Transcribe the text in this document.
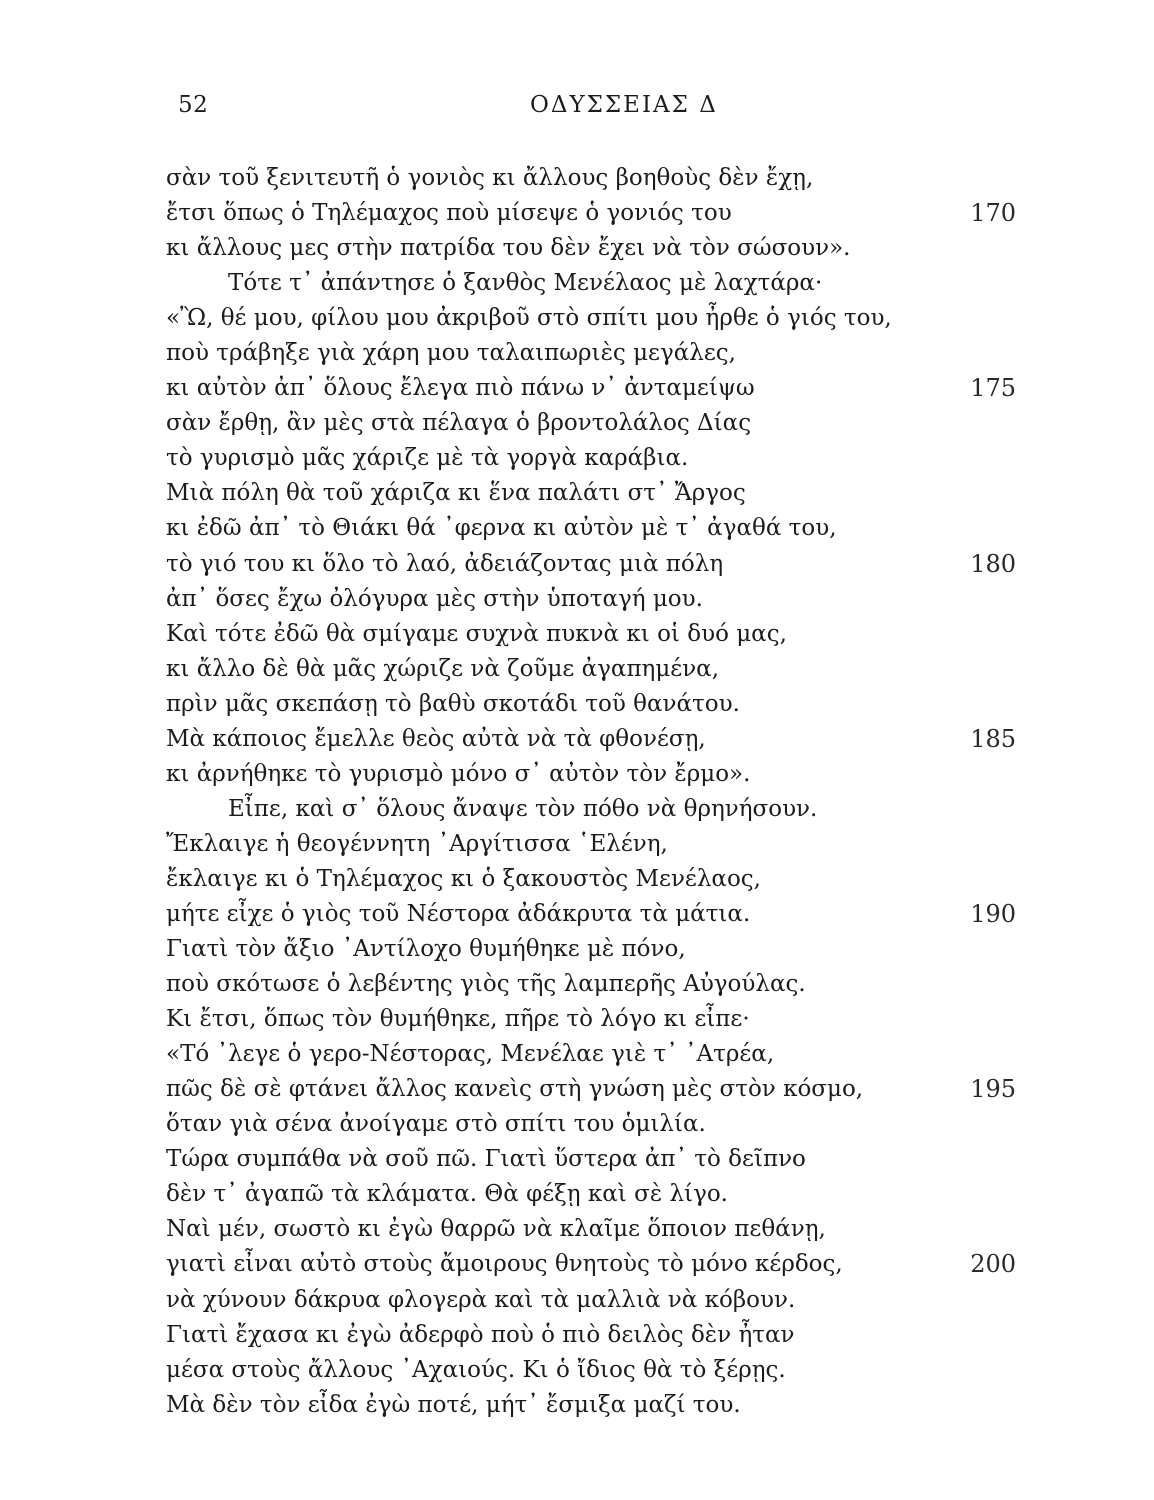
52	ΟΔΥΣΣΕΙΑΣ Δ
σὰν τοῦ ξενιτευτῆ ὁ γονιὸς κι ἄλλους βοηθοὺς δὲν ἔχῃ,
ἔτσι ὅπως ὁ Τηλέμαχος ποὺ μίσεψε ὁ γονιός του	170
κι ἄλλους μες στὴν πατρίδα του δὲν ἔχει νὰ τὸν σώσουν».
Τότε τ᾽ ἀπάντησε ὁ ξανθὸς Μενέλαος μὲ λαχτάρα·
«Ὢ, θέ μου, φίλου μου ἀκριβοῦ στὸ σπίτι μου ἦρθε ὁ γιός του,
ποὺ τράβηξε γιὰ χάρη μου ταλαιπωριὲς μεγάλες,
κι αὐτὸν ἀπ᾽ ὅλους ἔλεγα πιὸ πάνω ν᾽ ἀνταμείψω	175
σὰν ἔρθῃ, ἂν μὲς στὰ πέλαγα ὁ βροντολάλος Δίας
τὸ γυρισμὸ μᾶς χάριζε μὲ τὰ γοργὰ καράβια.
Μιὰ πόλη θὰ τοῦ χάριζα κι ἕνα παλάτι στ᾽ Ἄργος
κι ἐδῶ ἀπ᾽ τὸ Θιάκι θά ᾽φερνα κι αὐτὸν μὲ τ᾽ ἀγαθά του,
τὸ γιό του κι ὅλο τὸ λαό, ἀδειάζοντας μιὰ πόλη	180
ἀπ᾽ ὅσες ἔχω ὀλόγυρα μὲς στὴν ὑποταγή μου.
Καὶ τότε ἐδῶ θὰ σμίγαμε συχνὰ πυκνὰ κι οἱ δυό μας,
κι ἄλλο δὲ θὰ μᾶς χώριζε νὰ ζοῦμε ἀγαπημένα,
πρὶν μᾶς σκεπάσῃ τὸ βαθὺ σκοτάδι τοῦ θανάτου.
Μὰ κάποιος ἔμελλε θεὸς αὐτὰ νὰ τὰ φθονέσῃ,	185
κι ἀρνήθηκε τὸ γυρισμὸ μόνο σ᾽ αὐτὸν τὸν ἔρμο».
Εἶπε, καὶ σ᾽ ὅλους ἄναψε τὸν πόθο νὰ θρηνήσουν.
Ἔκλαιγε ἡ θεογέννητη ᾽Αργίτισσα ῾Ελένη,
ἔκλαιγε κι ὁ Τηλέμαχος κι ὁ ξακουστὸς Μενέλαος,
μήτε εἶχε ὁ γιὸς τοῦ Νέστορα ἀδάκρυτα τὰ μάτια.	190
Γιατὶ τὸν ἄξιο ᾽Αντίλοχο θυμήθηκε μὲ πόνο,
ποὺ σκότωσε ὁ λεβέντης γιὸς τῆς λαμπερῆς Αὐγούλας.
Κι ἔτσι, ὅπως τὸν θυμήθηκε, πῆρε τὸ λόγο κι εἶπε·
«Τό ᾽λεγε ὁ γερο-Νέστορας, Μενέλαε γιὲ τ᾽ ᾽Ατρέα,
πῶς δὲ σὲ φτάνει ἄλλος κανεὶς στὴ γνώση μὲς στὸν κόσμο,	195
ὅταν γιὰ σένα ἀνοίγαμε στὸ σπίτι του ὁμιλία.
Τώρα συμπάθα νὰ σοῦ πῶ. Γιατὶ ὕστερα ἀπ᾽ τὸ δεῖπνο
δὲν τ᾽ ἀγαπῶ τὰ κλάματα. Θὰ φέξῃ καὶ σὲ λίγο.
Ναὶ μέν, σωστὸ κι ἐγὼ θαρρῶ νὰ κλαῖμε ὅποιον πεθάνῃ,
γιατὶ εἶναι αὐτὸ στοὺς ἄμοιρους θνητοὺς τὸ μόνο κέρδος,	200
νὰ χύνουν δάκρυα φλογερὰ καὶ τὰ μαλλιὰ νὰ κόβουν.
Γιατὶ ἔχασα κι ἐγὼ ἀδερφὸ ποὺ ὁ πιὸ δειλὸς δὲν ἦταν
μέσα στοὺς ἄλλους ᾽Αχαιούς. Κι ὁ ἴδιος θὰ τὸ ξέρῃς.
Μὰ δὲν τὸν εἶδα ἐγὼ ποτέ, μήτ᾽ ἔσμιξα μαζί του.
